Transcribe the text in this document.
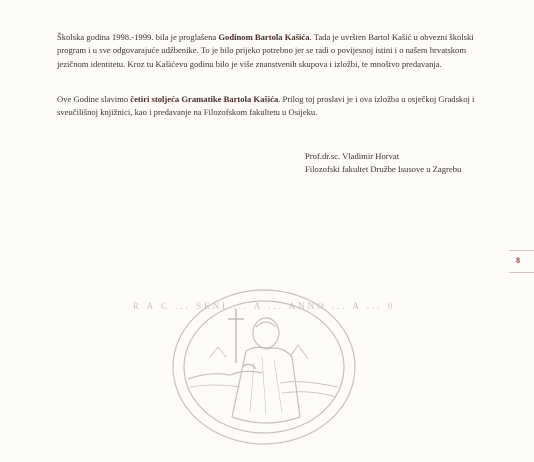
Školska godina 1998.-1999. bila je proglašena Godinom Bartola Kašića. Tada je uvršten Bartol Kašić u obvezni školski program i u sve odgovarajuće udžbenike. To je bilo prijeko potrebno jer se radi o povijesnoj istini i o našem hrvatskom jezičnom identitetu. Kroz tu Kašićevu godinu bilo je više znanstvenih skupova i izložbi, te mnoštvo predavanja.

Ove Godine slavimo četiri stoljeća Gramatike Bartola Kašića. Prilog toj proslavi je i ova izložba u osječkoj Gradskoj i sveučilišnoj knjižnici, kao i predavanje na Filozofskom fakultetu u Osijeku.

Prof.dr.sc. Vladimir Horvat
Filozofski fakultet Družbe Isusove u Zagrebu
8
R A C ... SENI ... A ... ANNO ... A ... 0
